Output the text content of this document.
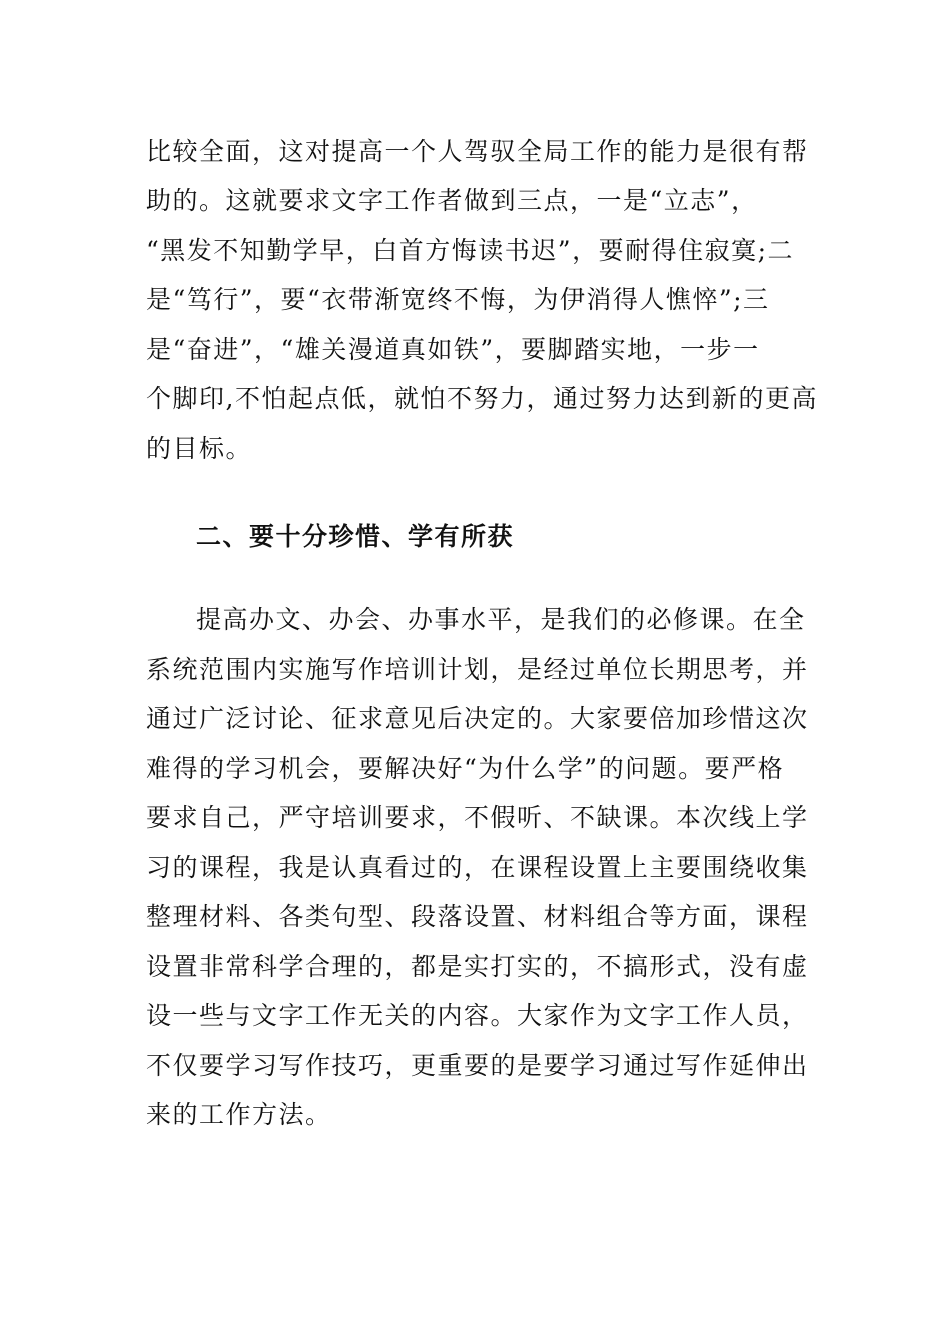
比较全面，这对提高一个人驾驭全局工作的能力是很有帮
助的。这就要求文字工作者做到三点，一是“立志”，
“黑发不知勤学早，白首方悔读书迟”，要耐得住寂寞;二
是“笃行”，要“衣带渐宽终不悔，为伊消得人憔悴”;三
是“奋进”，“雄关漫道真如铁”，要脚踏实地，一步一
个脚印,不怕起点低，就怕不努力，通过努力达到新的更高
的目标。
二、要十分珍惜、学有所获
提高办文、办会、办事水平，是我们的必修课。在全
系统范围内实施写作培训计划，是经过单位长期思考，并
通过广泛讨论、征求意见后决定的。大家要倍加珍惜这次
难得的学习机会，要解决好“为什么学”的问题。要严格
要求自己，严守培训要求，不假听、不缺课。本次线上学
习的课程，我是认真看过的，在课程设置上主要围绕收集
整理材料、各类句型、段落设置、材料组合等方面，课程
设置非常科学合理的，都是实打实的，不搞形式，没有虚
设一些与文字工作无关的内容。大家作为文字工作人员，
不仅要学习写作技巧，更重要的是要学习通过写作延伸出
来的工作方法。
